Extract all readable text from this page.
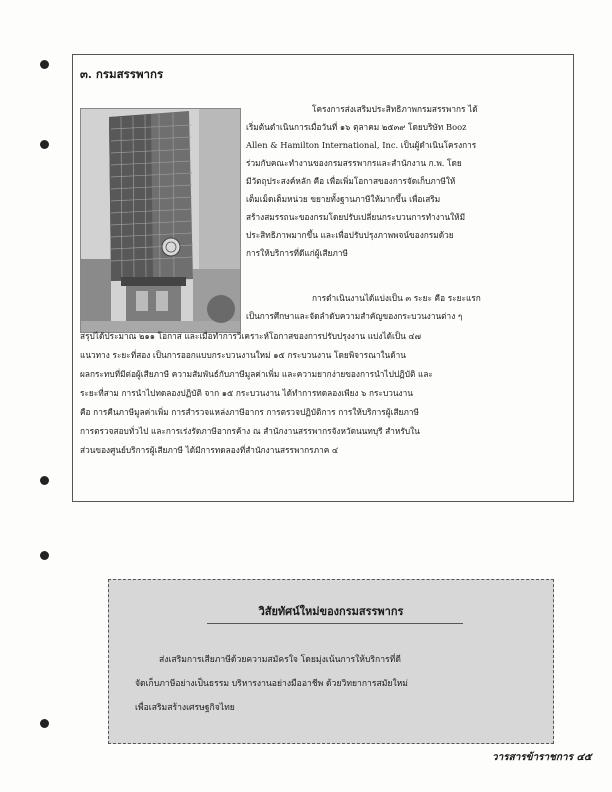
๓. กรมสรรพากร
โครงการส่งเสริมประสิทธิภาพกรมสรรพากร ได้
เริ่มต้นดำเนินการเมื่อวันที่ ๑๖ ตุลาคม ๒๕๓๙ โดยบริษัท Booz
Allen & Hamilton International, Inc. เป็นผู้ดำเนินโครงการ
ร่วมกับคณะทำงานของกรมสรรพากรและสำนักงาน ก.พ. โดย
มีวัตถุประสงค์หลัก คือ เพื่อเพิ่มโอกาสของการจัดเก็บภาษีให้
เต็มเม็ดเต็มหน่วย ขยายทั้งฐานภาษีให้มากขึ้น เพื่อเสริม
สร้างสมรรถนะของกรมโดยปรับเปลี่ยนกระบวนการทำงานให้มี
ประสิทธิภาพมากขึ้น และเพื่อปรับปรุงภาพพจน์ของกรมด้วย
การให้บริการที่ดีแก่ผู้เสียภาษี
การดำเนินงานได้แบ่งเป็น ๓ ระยะ คือ ระยะแรก
เป็นการศึกษาและจัดลำดับความสำคัญของกระบวนงานต่าง ๆ
สรุปได้ประมาณ ๒๑๑ โอกาส และเมื่อทำการวิเคราะห์โอกาสของการปรับปรุงงาน แบ่งได้เป็น ๔๗
แนวทาง ระยะที่สอง เป็นการออกแบบกระบวนงานใหม่ ๑๕ กระบวนงาน โดยพิจารณาในด้าน
ผลกระทบที่มีต่อผู้เสียภาษี ความสัมพันธ์กับภาษีมูลค่าเพิ่ม และความยากง่ายของการนำไปปฏิบัติ และ
ระยะที่สาม การนำไปทดลองปฏิบัติ จาก ๑๕ กระบวนงาน ได้ทำการทดลองเพียง ๖ กระบวนงาน
คือ การคืนภาษีมูลค่าเพิ่ม การสำรวจแหล่งภาษีอากร การตรวจปฏิบัติการ การให้บริการผู้เสียภาษี
การตรวจสอบทั่วไป และการเร่งรัดภาษีอากรค้าง ณ สำนักงานสรรพากรจังหวัดนนทบุรี สำหรับใน
ส่วนของศูนย์บริการผู้เสียภาษี ได้มีการทดลองที่สำนักงานสรรพากรภาค ๔
วิสัยทัศน์ใหม่ของกรมสรรพากร
ส่งเสริมการเสียภาษีด้วยความสมัครใจ โดยมุ่งเน้นการให้บริการที่ดี
จัดเก็บภาษีอย่างเป็นธรรม บริหารงานอย่างมืออาชีพ ด้วยวิทยาการสมัยใหม่
เพื่อเสริมสร้างเศรษฐกิจไทย
วารสารข้าราชการ ๔๕
